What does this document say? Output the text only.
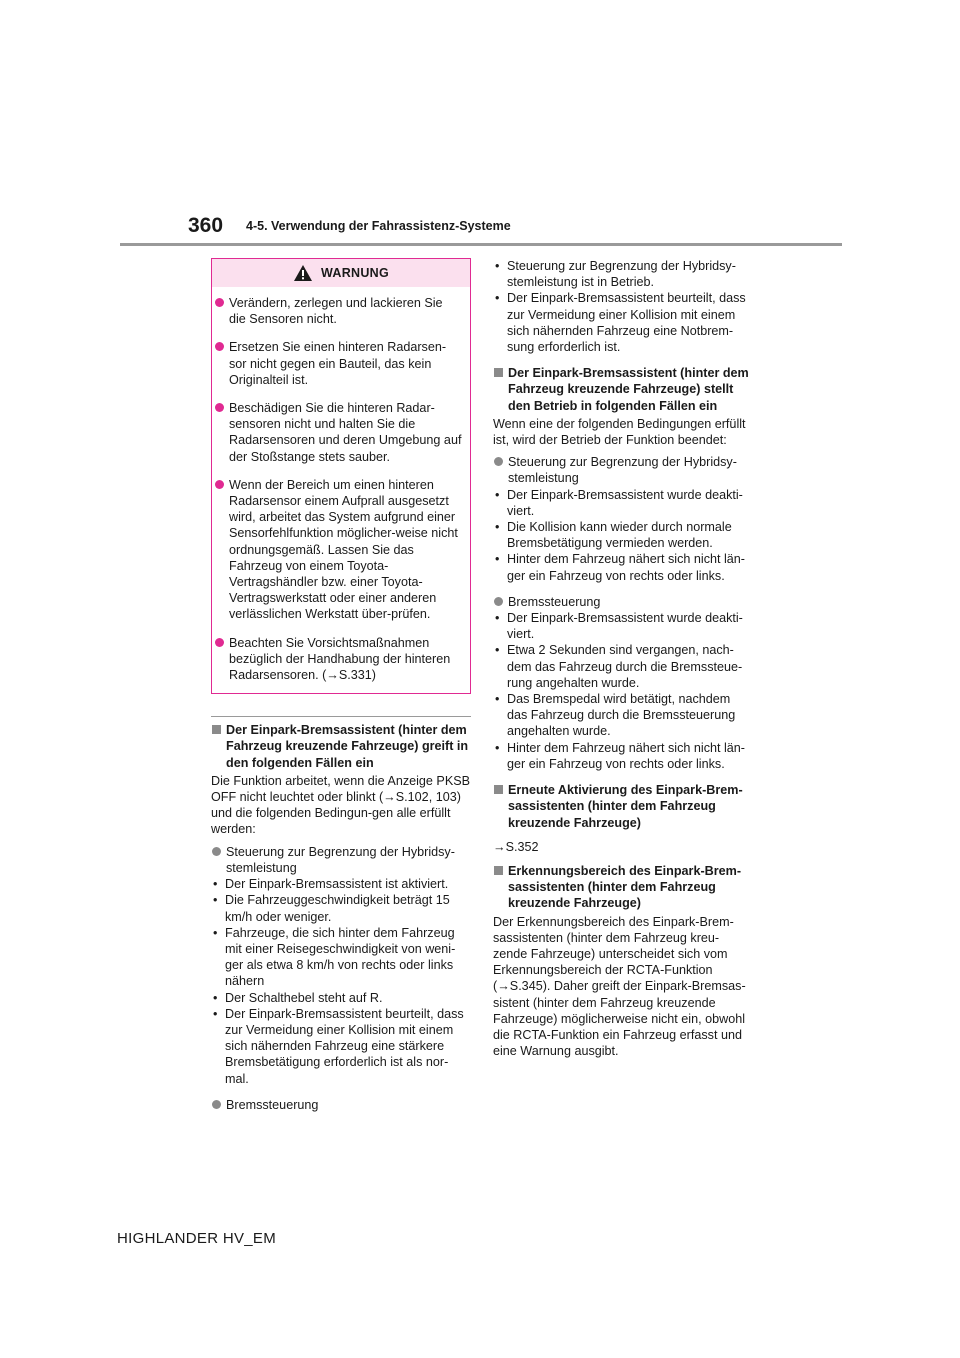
360 4-5. Verwendung der Fahrassistenz-Systeme
WARNUNG
Verändern, zerlegen und lackieren Sie die Sensoren nicht.
Ersetzen Sie einen hinteren Radarsen-sor nicht gegen ein Bauteil, das kein Originalteil ist.
Beschädigen Sie die hinteren Radar-sensoren nicht und halten Sie die Radarsensoren und deren Umgebung auf der Stoßstange stets sauber.
Wenn der Bereich um einen hinteren Radarsensor einem Aufprall ausgesetzt wird, arbeitet das System aufgrund einer Sensorfehlfunktion möglicher-weise nicht ordnungsgemäß. Lassen Sie das Fahrzeug von einem Toyota-Vertragshändler bzw. einer Toyota-Vertragswerkstatt oder einer anderen verlässlichen Werkstatt über-prüfen.
Beachten Sie Vorsichtsmaßnahmen bezüglich der Handhabung der hinteren Radarsensoren. (→S.331)
Der Einpark-Bremsassistent (hinter dem Fahrzeug kreuzende Fahrzeuge) greift in den folgenden Fällen ein

Die Funktion arbeitet, wenn die Anzeige PKSB OFF nicht leuchtet oder blinkt (→S.102, 103) und die folgenden Bedingun-gen alle erfüllt werden:

Steuerung zur Begrenzung der Hybridsy-stemleistung
• Der Einpark-Bremsassistent ist aktiviert.
• Die Fahrzeuggeschwindigkeit beträgt 15 km/h oder weniger.
• Fahrzeuge, die sich hinter dem Fahrzeug mit einer Reisegeschwindigkeit von weni-ger als etwa 8 km/h von rechts oder links nähern
• Der Schalthebel steht auf R.
• Der Einpark-Bremsassistent beurteilt, dass zur Vermeidung einer Kollision mit einem sich nähernden Fahrzeug eine stärkere Bremsbetätigung erforderlich ist als nor-mal.
Bremssteuerung
• Steuerung zur Begrenzung der Hybridsy-stemleistung ist in Betrieb.
• Der Einpark-Bremsassistent beurteilt, dass zur Vermeidung einer Kollision mit einem sich nähernden Fahrzeug eine Notbrem-sung erforderlich ist.
Der Einpark-Bremsassistent (hinter dem Fahrzeug kreuzende Fahrzeuge) stellt den Betrieb in folgenden Fällen ein

Wenn eine der folgenden Bedingungen erfüllt ist, wird der Betrieb der Funktion beendet:

Steuerung zur Begrenzung der Hybridsy-stemleistung
• Der Einpark-Bremsassistent wurde deakti-viert.
• Die Kollision kann wieder durch normale Bremsbetätigung vermieden werden.
• Hinter dem Fahrzeug nähert sich nicht län-ger ein Fahrzeug von rechts oder links.
Bremssteuerung
• Der Einpark-Bremsassistent wurde deakti-viert.
• Etwa 2 Sekunden sind vergangen, nach-dem das Fahrzeug durch die Bremssteue-rung angehalten wurde.
• Das Bremspedal wird betätigt, nachdem das Fahrzeug durch die Bremssteuerung angehalten wurde.
• Hinter dem Fahrzeug nähert sich nicht län-ger ein Fahrzeug von rechts oder links.
Erneute Aktivierung des Einpark-Brem-sassistenten (hinter dem Fahrzeug kreuzende Fahrzeuge)

→S.352

Erkennungsbereich des Einpark-Brem-sassistenten (hinter dem Fahrzeug kreuzende Fahrzeuge)

Der Erkennungsbereich des Einpark-Brem-sassistenten (hinter dem Fahrzeug kreu-zende Fahrzeuge) unterscheidet sich vom Erkennungsbereich der RCTA-Funktion (→S.345). Daher greift der Einpark-Bremsas-sistent (hinter dem Fahrzeug kreuzende Fahrzeuge) möglicherweise nicht ein, obwohl die RCTA-Funktion ein Fahrzeug erfasst und eine Warnung ausgibt.

HIGHLANDER HV_EM
